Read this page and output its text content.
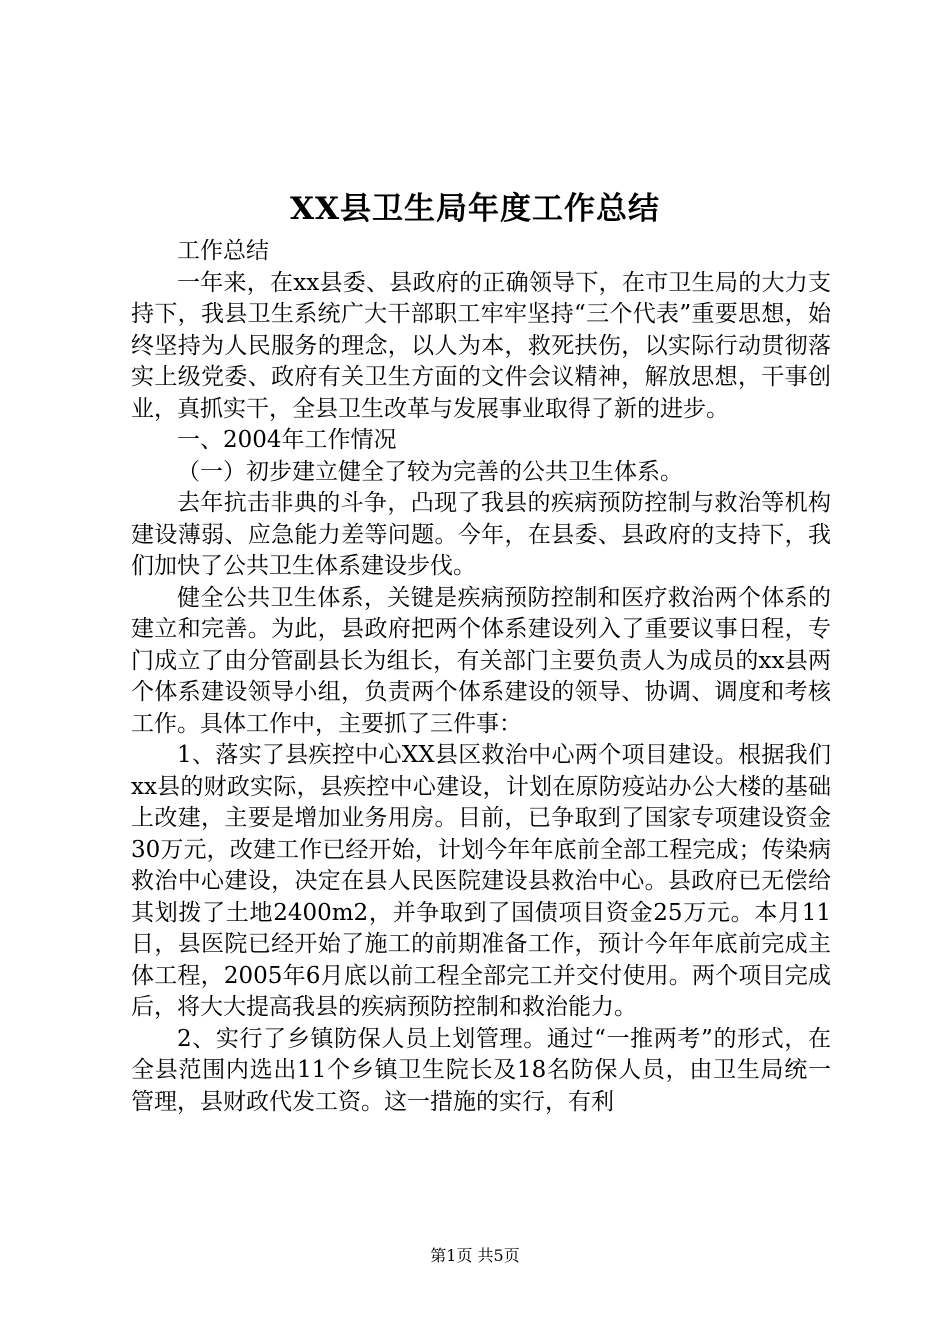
XX县卫生局年度工作总结

工作总结

一年来，在xx县委、县政府的正确领导下，在市卫生局的大力支持下，我县卫生系统广大干部职工牢牢坚持“三个代表”重要思想，始终坚持为人民服务的理念，以人为本，救死扶伤，以实际行动贯彻落实上级党委、政府有关卫生方面的文件会议精神，解放思想，干事创业，真抓实干，全县卫生改革与发展事业取得了新的进步。

一、2004年工作情况

（一）初步建立健全了较为完善的公共卫生体系。

去年抗击非典的斗争，凸现了我县的疾病预防控制与救治等机构建设薄弱、应急能力差等问题。今年，在县委、县政府的支持下，我们加快了公共卫生体系建设步伐。

健全公共卫生体系，关键是疾病预防控制和医疗救治两个体系的建立和完善。为此，县政府把两个体系建设列入了重要议事日程，专门成立了由分管副县长为组长，有关部门主要负责人为成员的xx县两个体系建设领导小组，负责两个体系建设的领导、协调、调度和考核工作。具体工作中，主要抓了三件事：

1、落实了县疾控中心XX县区救治中心两个项目建设。根据我们xx县的财政实际，县疾控中心建设，计划在原防疫站办公大楼的基础上改建，主要是增加业务用房。目前，已争取到了国家专项建设资金30万元，改建工作已经开始，计划今年年底前全部工程完成；传染病救治中心建设，决定在县人民医院建设县救治中心。县政府已无偿给其划拨了土地2400m2，并争取到了国债项目资金25万元。本月11日，县医院已经开始了施工的前期准备工作，预计今年年底前完成主体工程，2005年6月底以前工程全部完工并交付使用。两个项目完成后，将大大提高我县的疾病预防控制和救治能力。

2、实行了乡镇防保人员上划管理。通过“一推两考”的形式，在全县范围内选出11个乡镇卫生院长及18名防保人员，由卫生局统一管理，县财政代发工资。这一措施的实行，有利

第1页 共5页
